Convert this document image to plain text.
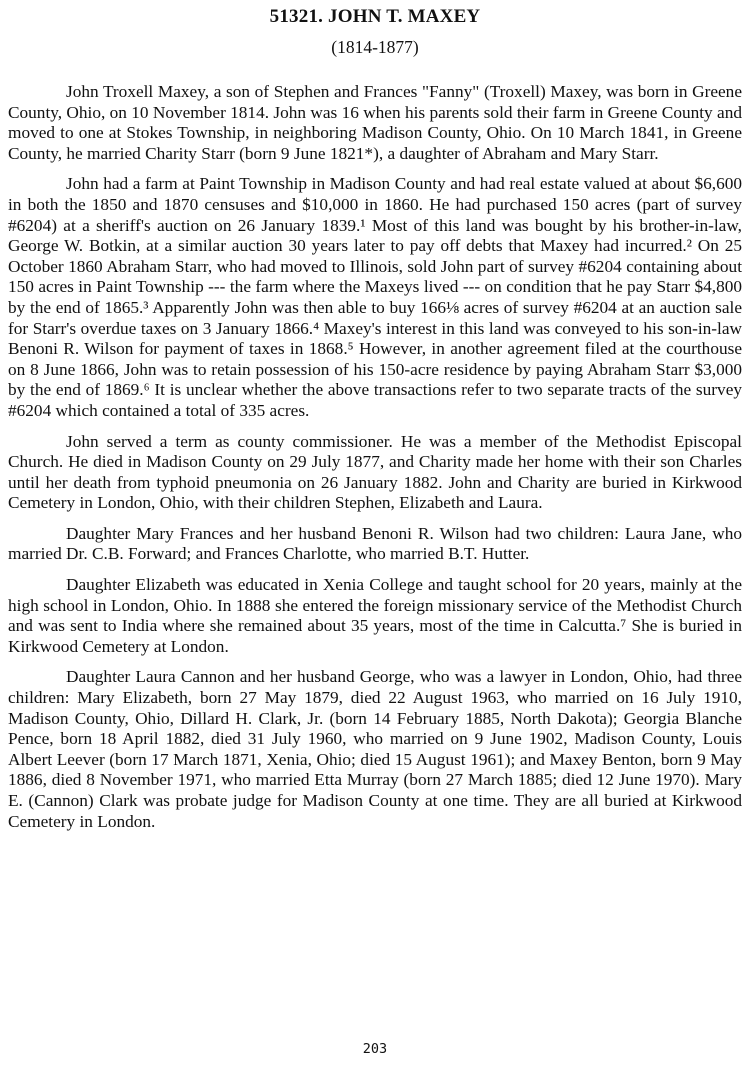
51321. JOHN T. MAXEY
(1814-1877)

John Troxell Maxey, a son of Stephen and Frances "Fanny" (Troxell) Maxey, was born in Greene County, Ohio, on 10 November 1814. John was 16 when his parents sold their farm in Greene County and moved to one at Stokes Township, in neighboring Madison County, Ohio. On 10 March 1841, in Greene County, he married Charity Starr (born 9 June 1821*), a daughter of Abraham and Mary Starr.

John had a farm at Paint Township in Madison County and had real estate valued at about $6,600 in both the 1850 and 1870 censuses and $10,000 in 1860. He had purchased 150 acres (part of survey #6204) at a sheriff's auction on 26 January 1839.¹ Most of this land was bought by his brother-in-law, George W. Botkin, at a similar auction 30 years later to pay off debts that Maxey had incurred.² On 25 October 1860 Abraham Starr, who had moved to Illinois, sold John part of survey #6204 containing about 150 acres in Paint Township --- the farm where the Maxeys lived --- on condition that he pay Starr $4,800 by the end of 1865.³ Apparently John was then able to buy 166⅛ acres of survey #6204 at an auction sale for Starr's overdue taxes on 3 January 1866.⁴ Maxey's interest in this land was conveyed to his son-in-law Benoni R. Wilson for payment of taxes in 1868.⁵ However, in another agreement filed at the courthouse on 8 June 1866, John was to retain possession of his 150-acre residence by paying Abraham Starr $3,000 by the end of 1869.⁶ It is unclear whether the above transactions refer to two separate tracts of the survey #6204 which contained a total of 335 acres.

John served a term as county commissioner. He was a member of the Methodist Episcopal Church. He died in Madison County on 29 July 1877, and Charity made her home with their son Charles until her death from typhoid pneumonia on 26 January 1882. John and Charity are buried in Kirkwood Cemetery in London, Ohio, with their children Stephen, Elizabeth and Laura.

Daughter Mary Frances and her husband Benoni R. Wilson had two children: Laura Jane, who married Dr. C.B. Forward; and Frances Charlotte, who married B.T. Hutter.

Daughter Elizabeth was educated in Xenia College and taught school for 20 years, mainly at the high school in London, Ohio. In 1888 she entered the foreign missionary service of the Methodist Church and was sent to India where she remained about 35 years, most of the time in Calcutta.⁷ She is buried in Kirkwood Cemetery at London.

Daughter Laura Cannon and her husband George, who was a lawyer in London, Ohio, had three children: Mary Elizabeth, born 27 May 1879, died 22 August 1963, who married on 16 July 1910, Madison County, Ohio, Dillard H. Clark, Jr. (born 14 February 1885, North Dakota); Georgia Blanche Pence, born 18 April 1882, died 31 July 1960, who married on 9 June 1902, Madison County, Louis Albert Leever (born 17 March 1871, Xenia, Ohio; died 15 August 1961); and Maxey Benton, born 9 May 1886, died 8 November 1971, who married Etta Murray (born 27 March 1885; died 12 June 1970). Mary E. (Cannon) Clark was probate judge for Madison County at one time. They are all buried at Kirkwood Cemetery in London.

203
